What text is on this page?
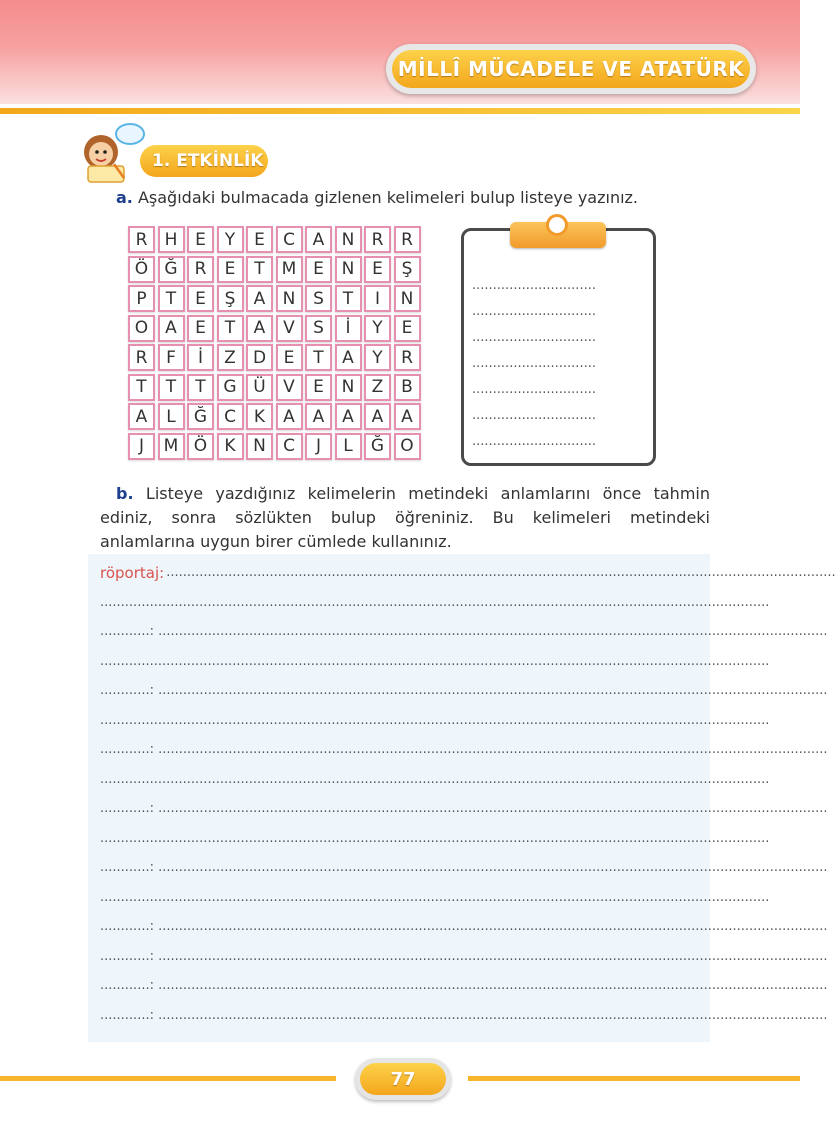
MİLLÎ MÜCADELE VE ATATÜRK
1. ETKİNLİK
a. Aşağıdaki bulmacada gizlenen kelimeleri bulup listeye yazınız.
R	H	E	Y	E	C	A	N	R	R
Ö Ğ	R	E	T M E	N	E	Ş
P	T	E	Ş	A	N	S	T	I	N
O A	E	T	A	V	S	İ	Y	E
R	F	İ	Z	D	E	T	A	Y	R
T	T	T	G Ü	V	E	N	Z	B
A	L	Ğ C	K	A	A	A	A	A
J	M Ö	K	N	C	J	L	Ğ O
..............................
..............................
..............................
..............................
..............................
..............................
..............................
b. Listeye yazdığınız kelimelerin metindeki anlamlarını önce tahmin ediniz, sonra sözlükten bulup öğreniniz. Bu kelimeleri metindeki anlamlarına uygun birer cümlede kullanınız.
röportaj: ..................................................................................................................................................................
..................................................................................................................................................................
............: ..................................................................................................................................................................
..................................................................................................................................................................
............: ..................................................................................................................................................................
..................................................................................................................................................................
............: ..................................................................................................................................................................
..................................................................................................................................................................
............: ..................................................................................................................................................................
..................................................................................................................................................................
............: ..................................................................................................................................................................
..................................................................................................................................................................
............: ..................................................................................................................................................................
............: ..................................................................................................................................................................
............: ..................................................................................................................................................................
............: ..................................................................................................................................................................
77
